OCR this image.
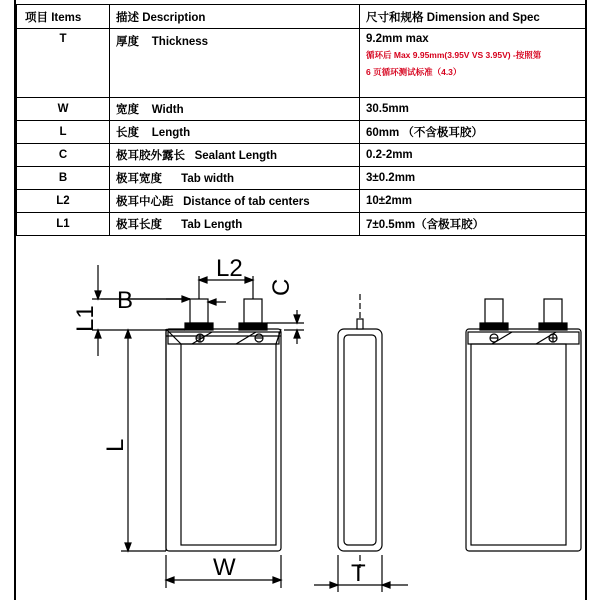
项目 Items	描述 Description	尺寸和规格 Dimension and Spec
T	厚度 Thickness	9.2mm max
循环后 Max 9.95mm(3.95V VS 3.95V) -按照第
6 页循环测试标准（4.3）

W	宽度 Width	30.5mm
L	长度 Length	60mm （不含极耳胶）
C	极耳胶外露长 Sealant Length	0.2-2mm
B	极耳宽度 Tab width	3±0.2mm
L2	极耳中心距 Distance of tab centers	10±2mm
L1	极耳长度 Tab Length	7±0.5mm（含极耳胶）
L2
B	C
L1
L
W	T
